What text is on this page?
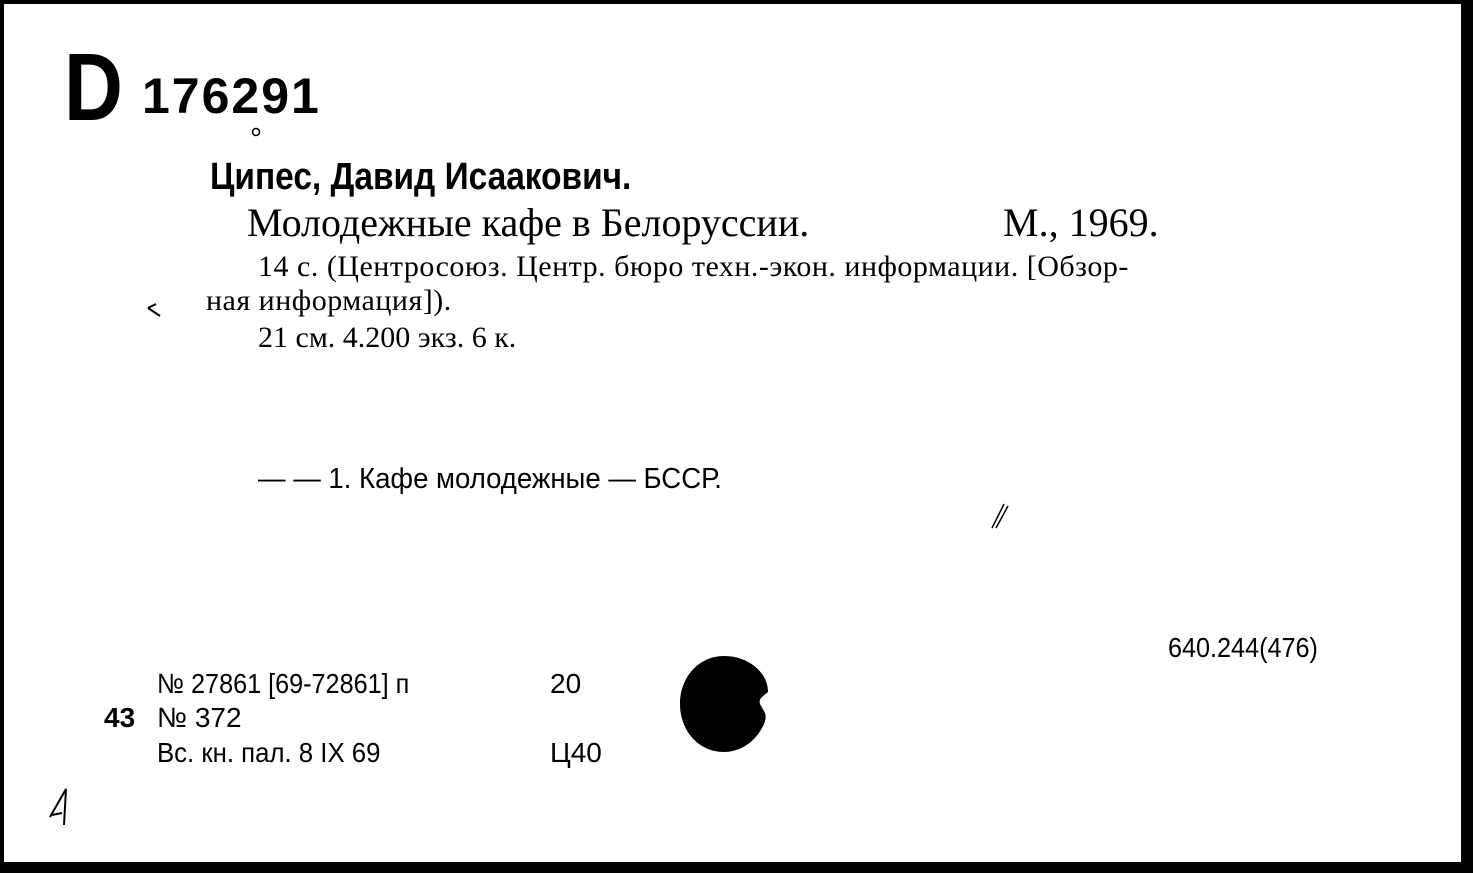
D 176291
Ципес, Давид Исаакович.
Молодежные кафе в Белоруссии.	М., 1969.
14 с. (Центросоюз. Центр. бюро техн.-экон. информации. [Обзор-
ная информация]).
21 см. 4.200 экз. 6 к.
— — 1. Кафе молодежные — БССР.
640.244(476)
№ 27861 [69-72861] п	20
43 № 372
Вс. кн. пал. 8 IX 69	Ц40
